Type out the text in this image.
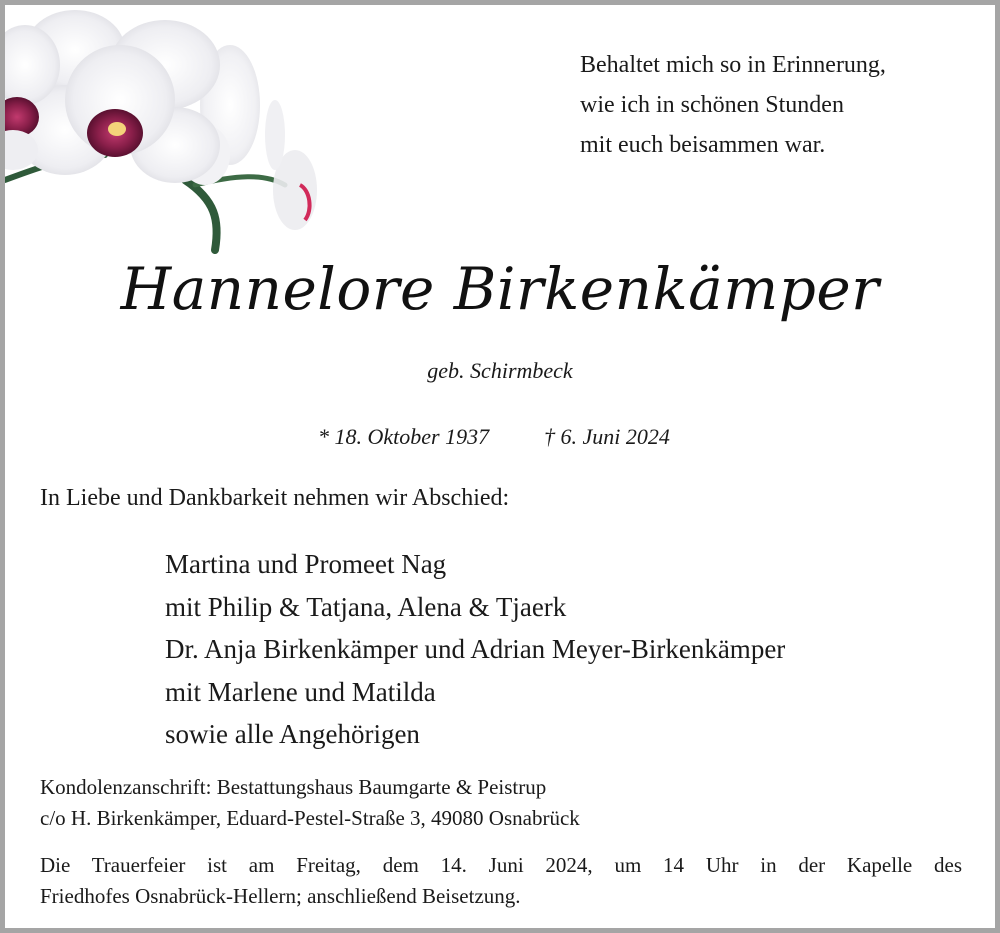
Behaltet mich so in Erinnerung,
wie ich in schönen Stunden
mit euch beisammen war.
Hannelore Birkenkämper
geb. Schirmbeck
* 18. Oktober 1937 † 6. Juni 2024
In Liebe und Dankbarkeit nehmen wir Abschied:
Martina und Promeet Nag
mit Philip & Tatjana, Alena & Tjaerk
Dr. Anja Birkenkämper und Adrian Meyer-Birkenkämper
mit Marlene und Matilda
sowie alle Angehörigen
Kondolenzanschrift: Bestattungshaus Baumgarte & Peistrup
c/o H. Birkenkämper, Eduard-Pestel-Straße 3, 49080 Osnabrück
Die Trauerfeier ist am Freitag, dem 14. Juni 2024, um 14 Uhr in der Kapelle des
Friedhofes Osnabrück-Hellern; anschließend Beisetzung.
